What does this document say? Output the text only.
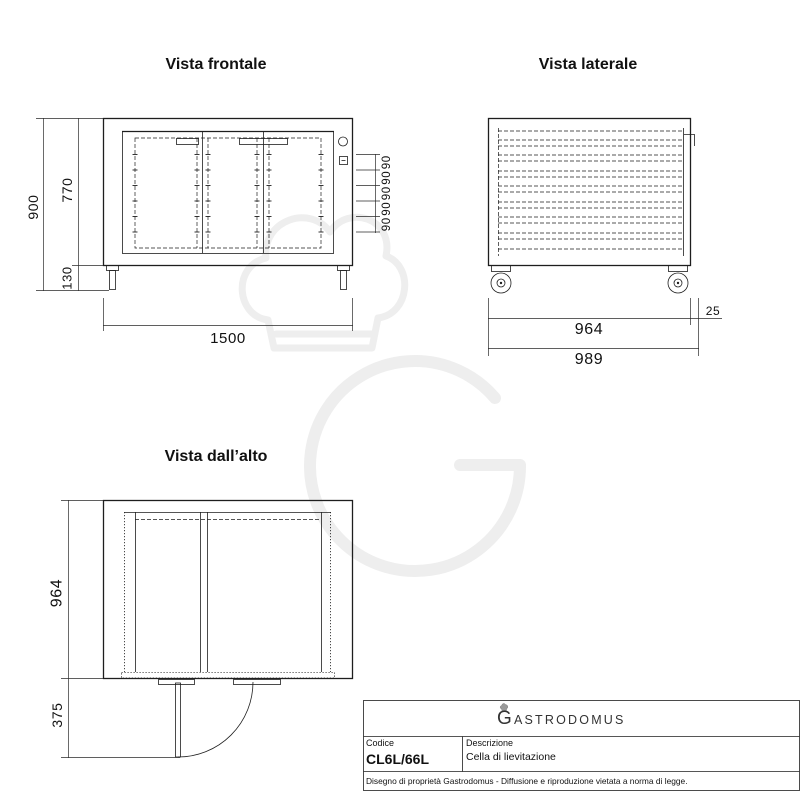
Vista frontale
900
770
130
1500
90
90
90
90
90
Vista laterale
964
25
989
Vista dall’alto
964
375
Codice
CL6L/66L
Descrizione
Cella di lievitazione
Disegno di proprietà Gastrodomus - Diffusione e riproduzione vietata a norma di legge.
GASTRODOMUS
